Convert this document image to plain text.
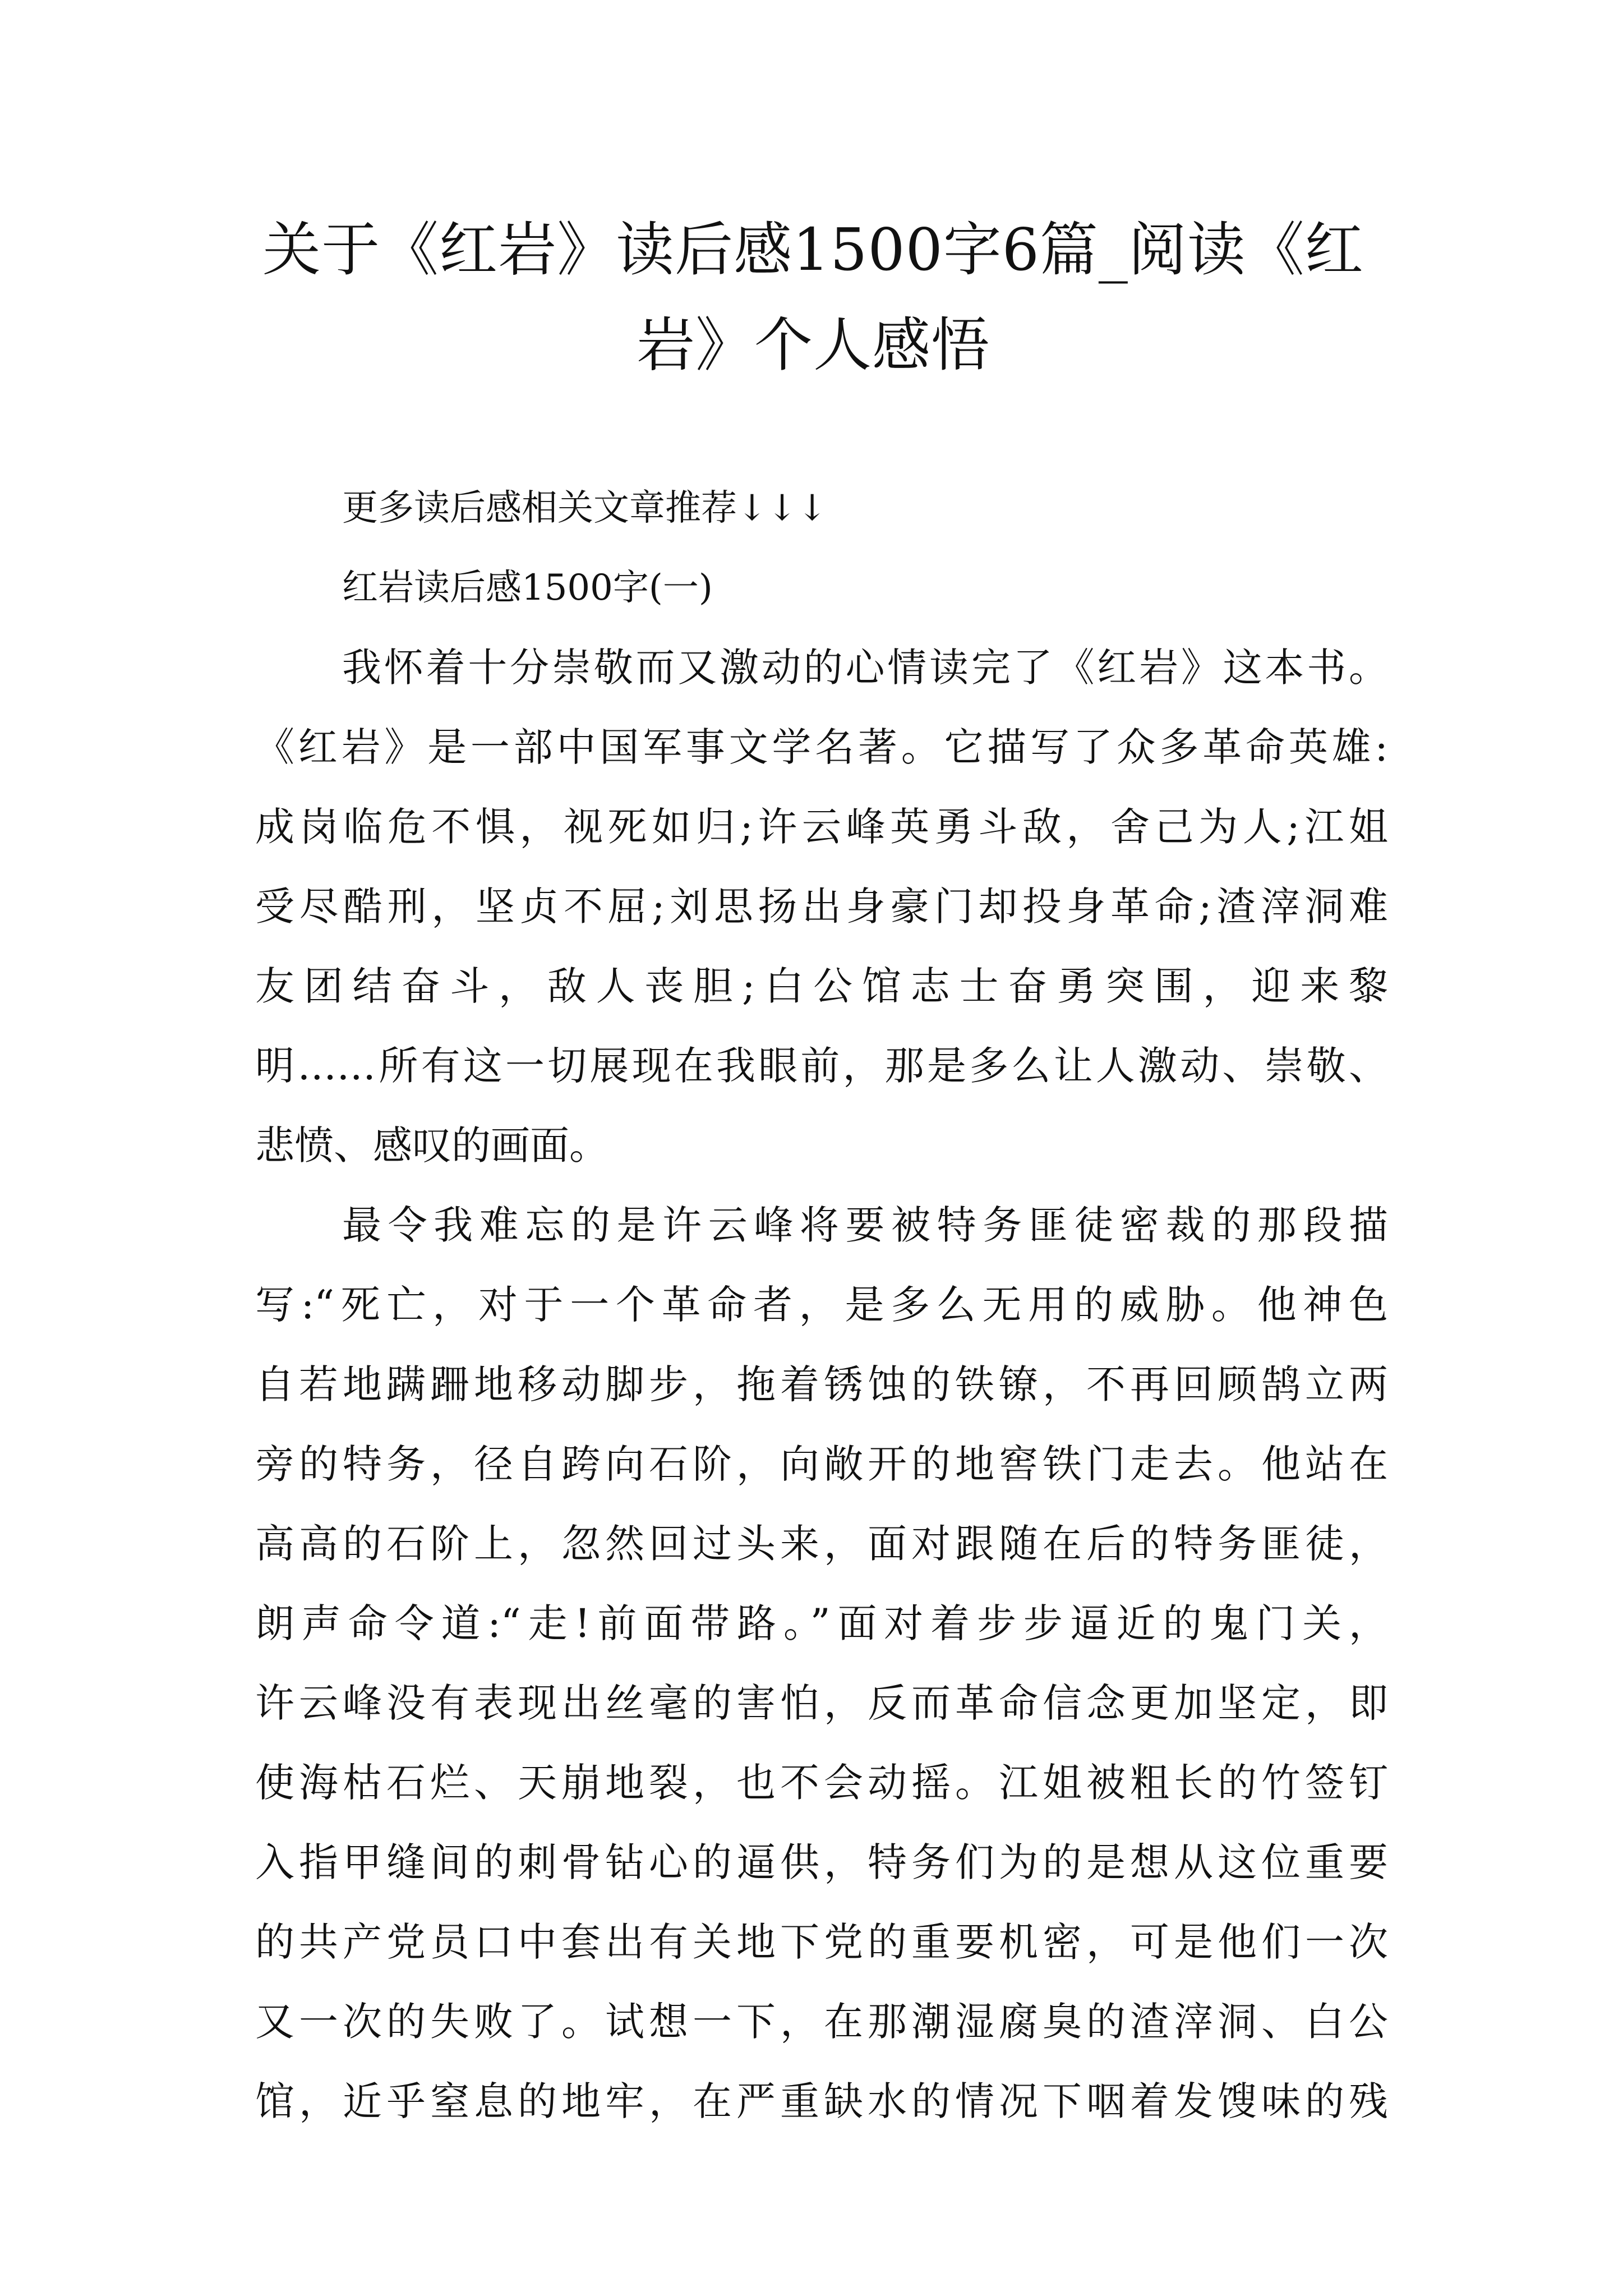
关于《红岩》读后感1500字6篇_阅读《红
岩》个人感悟
更多读后感相关文章推荐↓↓↓
红岩读后感1500字(一)
我怀着十分崇敬而又激动的心情读完了《红岩》这本书。
《红岩》是一部中国军事文学名著。它描写了众多革命英雄:
成岗临危不惧，视死如归;许云峰英勇斗敌，舍己为人;江姐
受尽酷刑，坚贞不屈;刘思扬出身豪门却投身革命;渣滓洞难
友团结奋斗，敌人丧胆;白公馆志士奋勇突围，迎来黎
明……所有这一切展现在我眼前，那是多么让人激动、崇敬、
悲愤、感叹的画面。
最令我难忘的是许云峰将要被特务匪徒密裁的那段描
写:“死亡，对于一个革命者，是多么无用的威胁。他神色
自若地蹒跚地移动脚步，拖着锈蚀的铁镣，不再回顾鹄立两
旁的特务，径自跨向石阶，向敞开的地窖铁门走去。他站在
高高的石阶上，忽然回过头来，面对跟随在后的特务匪徒，
朗声命令道:“走!前面带路。”面对着步步逼近的鬼门关，
许云峰没有表现出丝毫的害怕，反而革命信念更加坚定，即
使海枯石烂、天崩地裂，也不会动摇。江姐被粗长的竹签钉
入指甲缝间的刺骨钻心的逼供，特务们为的是想从这位重要
的共产党员口中套出有关地下党的重要机密，可是他们一次
又一次的失败了。试想一下，在那潮湿腐臭的渣滓洞、白公
馆，近乎窒息的地牢，在严重缺水的情况下咽着发馊味的残
